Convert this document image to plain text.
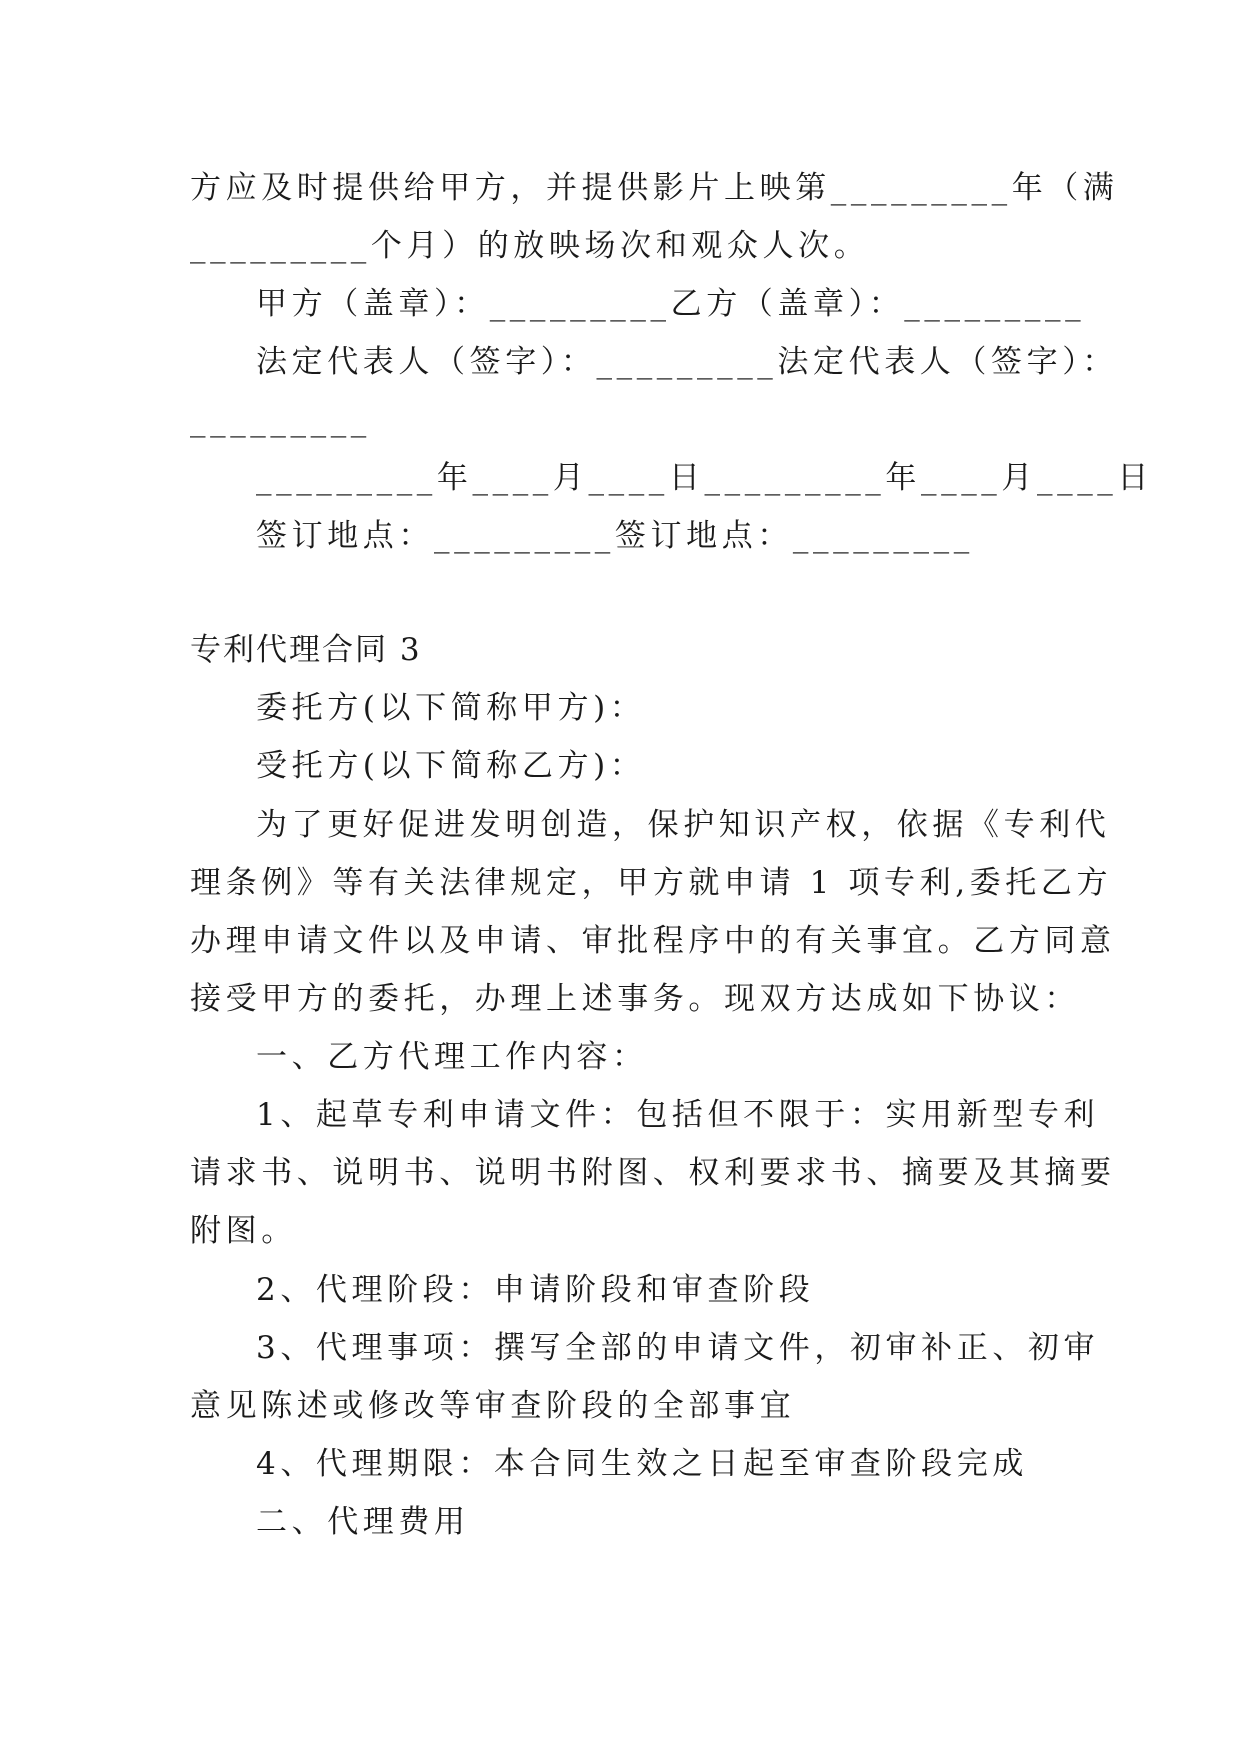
方应及时提供给甲方，并提供影片上映第_________年（满
_________个月）的放映场次和观众人次。
甲方（盖章）：_________乙方（盖章）：_________
法定代表人（签字）：_________法定代表人（签字）：
_________
_________年____月____日_________年____月____日
签订地点：_________签订地点：_________
专利代理合同 3
委托方(以下简称甲方)：
受托方(以下简称乙方)：
为了更好促进发明创造，保护知识产权，依据《专利代
理条例》等有关法律规定，甲方就申请 1 项专利,委托乙方
办理申请文件以及申请、审批程序中的有关事宜。乙方同意
接受甲方的委托，办理上述事务。现双方达成如下协议：
一、乙方代理工作内容：
1、起草专利申请文件：包括但不限于：实用新型专利
请求书、说明书、说明书附图、权利要求书、摘要及其摘要
附图。
2、代理阶段：申请阶段和审查阶段
3、代理事项：撰写全部的申请文件，初审补正、初审
意见陈述或修改等审查阶段的全部事宜
4、代理期限：本合同生效之日起至审查阶段完成
二、代理费用
